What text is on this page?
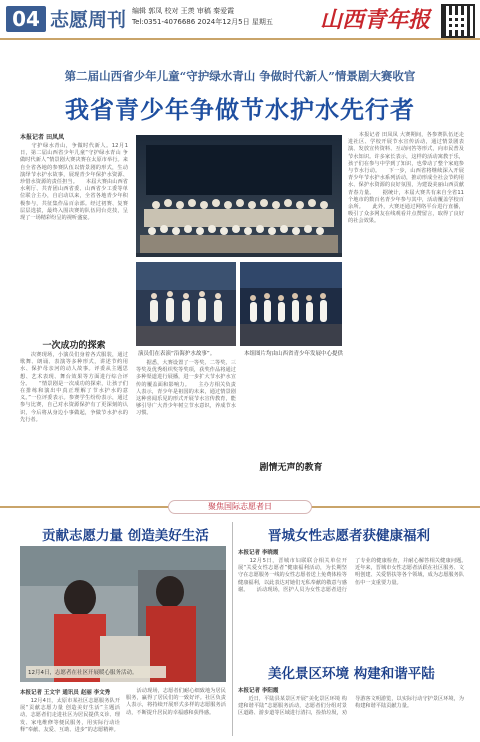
04 志愿周刊 编辑 郭凤 校对 王羡 审稿 秦爱霞
Tel:0351-4076686 2024年12月5日 星期五 山西青年报
第二届山西省少年儿童“守护绿水青山 争做时代新人”情景剧大赛收官
我省青少年争做节水护水先行者
本报记者 田凤凤
　　守护绿水青山，争做时代新人。12月1日，第二届山西省少年儿童“守护绿水青山 争做时代新人”情景剧大赛决赛在太原市举行。来自全省各地的参赛队伍以情景剧的形式，生动演绎节水护水故事，展现青少年保护水资源、珍惜水资源的责任担当。　　本届大赛由山西省水利厅、共青团山西省委、山西省少工委等单位联合主办，自启动以来，全省各地青少年积极参与，共征集作品百余部。经过初赛、复赛层层选拔，最终入围决赛的队伍同台竞技，呈现了一场精彩纷呈的视听盛宴。
一次成功的探索
　　决赛现场，小演员们身着各式服装，通过歌舞、朗诵、表演等多种形式，讲述节约用水、保护母亲河的动人故事。评委从主题思想、艺术表现、舞台效果等方面进行综合评分。　　“情景剧是一次成功的探索，让孩子们在排练和演出中真正理解了节水护水的意义。”一位评委表示。参赛学生纷纷表示，通过参与比赛，自己对水资源保护有了更深刻的认识，今后将从身边小事做起，争做节水护水的先行者。
演员们在表演“沿海护水故事”。	本组图片均由山西省青少年发展中心提供
　　据悉，大赛设置了一等奖、二等奖、三等奖及优秀组织奖等奖项，获奖作品将通过多种渠道进行展播，进一步扩大节水护水宣传的覆盖面和影响力。　　主办方相关负责人表示，青少年是祖国的未来，通过情景剧这种喜闻乐见的形式开展节水宣传教育，能够引导广大青少年树立节水意识，养成节水习惯。
剧情无声的教育
　　本报记者 田凤凤 大赛期间，各参赛队伍还走进社区、学校开展节水宣传活动，通过情景剧表演、发放宣传资料、互动问答等形式，向市民普及节水知识。许多家长表示，这样的活动寓教于乐，孩子们在参与中学到了知识，也带动了整个家庭参与节水行动。　　下一步，山西省将继续深入开展青少年节水护水系列活动，推动形成全社会节约用水、保护水资源的良好氛围，为建设美丽山西贡献青春力量。　　据统计，本届大赛共有来自全省11个地市的数百名青少年参与其中，活动覆盖学校百余所。　　此外，大赛还通过网络平台进行直播，吸引了众多网友在线观看并点赞留言，取得了良好的社会效果。
聚焦国际志愿者日
贡献志愿力量 创造美好生活
12月4日，志愿者在社区开展暖心服务活动。
本报记者 王文宇 通讯员 赵丽 李文秀
　　12月4日，太原市某社区志愿服务队开展“贡献志愿力量 创造美好生活”主题活动，志愿者们走进社区为居民提供义诊、理发、家电维修等便民服务，用实际行动诠释“奉献、友爱、互助、进步”的志愿精神。
　　活动现场，志愿者们耐心细致地为居民服务，赢得了居民们的一致好评。社区负责人表示，将持续开展形式多样的志愿服务活动，不断提升居民的幸福感和获得感。
晋城女性志愿者获健康福利
本报记者 李晓霞
　　12月5日，晋城市妇联联合相关单位开展“关爱女性志愿者”健康福利活动，为长期坚守在志愿服务一线的女性志愿者送上免费体检等健康福利，以此表达对她们无私奉献的敬意与感谢。　　活动现场，医护人员为女性志愿者进行了专业的健康检查，并耐心解答相关健康问题。　　近年来，晋城市女性志愿者活跃在社区服务、文明创建、关爱帮扶等各个领域，成为志愿服务队伍中一支重要力量。
美化景区环境 构建和谐平陆
本报记者 李阳霞
　　近日，平陆县某景区开展“美化景区环境 构建和谐平陆”志愿服务活动，志愿者们分组对景区道路、游步道等区域进行清扫，捡拾垃圾，劝导游客文明游览，以实际行动守护景区环境，为构建和谐平陆贡献力量。
